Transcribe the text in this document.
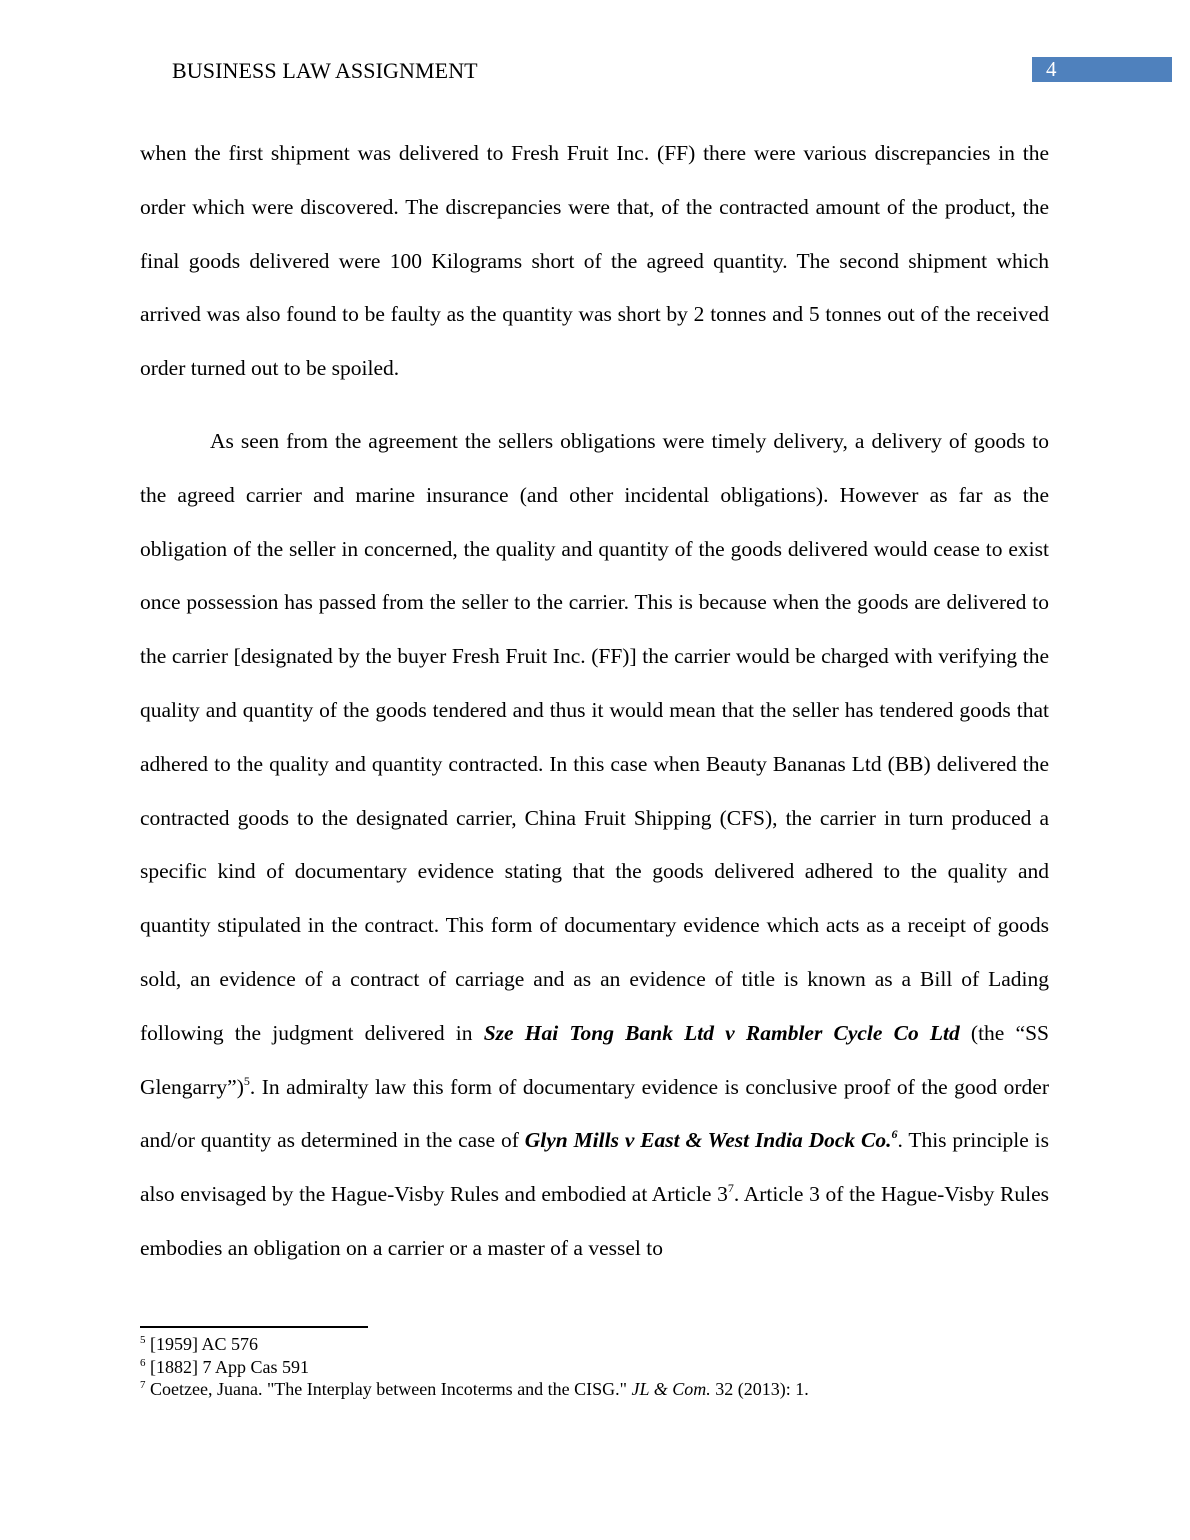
BUSINESS LAW ASSIGNMENT	4

when the first shipment was delivered to Fresh Fruit Inc. (FF) there were various discrepancies in the order which were discovered. The discrepancies were that, of the contracted amount of the product, the final goods delivered were 100 Kilograms short of the agreed quantity. The second shipment which arrived was also found to be faulty as the quantity was short by 2 tonnes and 5 tonnes out of the received order turned out to be spoiled.

As seen from the agreement the sellers obligations were timely delivery, a delivery of goods to the agreed carrier and marine insurance (and other incidental obligations). However as far as the obligation of the seller in concerned, the quality and quantity of the goods delivered would cease to exist once possession has passed from the seller to the carrier. This is because when the goods are delivered to the carrier [designated by the buyer Fresh Fruit Inc. (FF)] the carrier would be charged with verifying the quality and quantity of the goods tendered and thus it would mean that the seller has tendered goods that adhered to the quality and quantity contracted. In this case when Beauty Bananas Ltd (BB) delivered the contracted goods to the designated carrier, China Fruit Shipping (CFS), the carrier in turn produced a specific kind of documentary evidence stating that the goods delivered adhered to the quality and quantity stipulated in the contract. This form of documentary evidence which acts as a receipt of goods sold, an evidence of a contract of carriage and as an evidence of title is known as a Bill of Lading following the judgment delivered in Sze Hai Tong Bank Ltd v Rambler Cycle Co Ltd (the “SS Glengarry”)$^5$. In admiralty law this form of documentary evidence is conclusive proof of the good order and/or quantity as determined in the case of Glyn Mills v East & West India Dock Co.$^6$. This principle is also envisaged by the Hague-Visby Rules and embodied at Article $3^7$. Article 3 of the Hague-Visby Rules embodies an obligation on a carrier or a master of a vessel to

$^5$ [1959] AC 576
$^6$ [1882] 7 App Cas 591
$^7$ Coetzee, Juana. "The Interplay between Incoterms and the CISG." JL & Com. 32 (2013): 1.
